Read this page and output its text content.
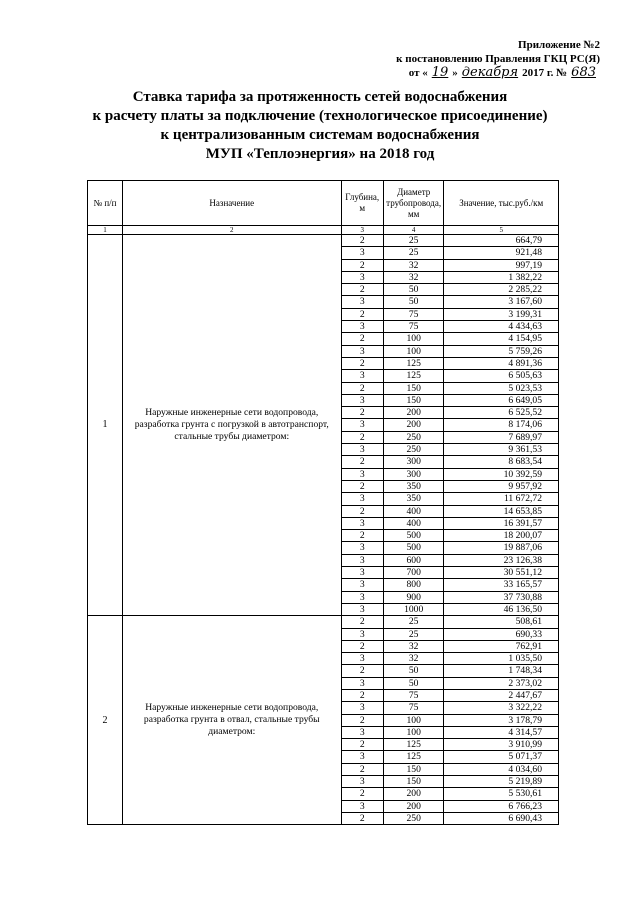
Приложение №2
к постановлению Правления ГКЦ РС(Я)
от « 19 » декабря 2017 г. № 683
Ставка тарифа за протяженность сетей водоснабжения
к расчету платы за подключение (технологическое присоединение)
к централизованным системам водоснабжения
МУП «Теплоэнергия» на 2018 год
№ п/п	Назначение	Глубина, м	Диаметр трубопровода, мм	Значение, тыс.руб./км
1	2	3	4	5
1	Наружные инженерные сети водопровода, разработка грунта с погрузкой в автотранспорт, стальные трубы диаметром:	2	25	664,79
		3	25	921,48
		2	32	997,19
		3	32	1 382,22
		2	50	2 285,22
		3	50	3 167,60
		2	75	3 199,31
		3	75	4 434,63
		2	100	4 154,95
		3	100	5 759,26
		2	125	4 891,36
		3	125	6 505,63
		2	150	5 023,53
		3	150	6 649,05
		2	200	6 525,52
		3	200	8 174,06
		2	250	7 689,97
		3	250	9 361,53
		2	300	8 683,54
		3	300	10 392,59
		2	350	9 957,92
		3	350	11 672,72
		2	400	14 653,85
		3	400	16 391,57
		2	500	18 200,07
		3	500	19 887,06
		3	600	23 126,38
		3	700	30 551,12
		3	800	33 165,57
		3	900	37 730,88
		3	1000	46 136,50
2	Наружные инженерные сети водопровода, разработка грунта в отвал, стальные трубы диаметром:	2	25	508,61
		3	25	690,33
		2	32	762,91
		3	32	1 035,50
		2	50	1 748,34
		3	50	2 373,02
		2	75	2 447,67
		3	75	3 322,22
		2	100	3 178,79
		3	100	4 314,57
		2	125	3 910,99
		3	125	5 071,37
		2	150	4 034,60
		3	150	5 219,89
		2	200	5 530,61
		3	200	6 766,23
		2	250	6 690,43
